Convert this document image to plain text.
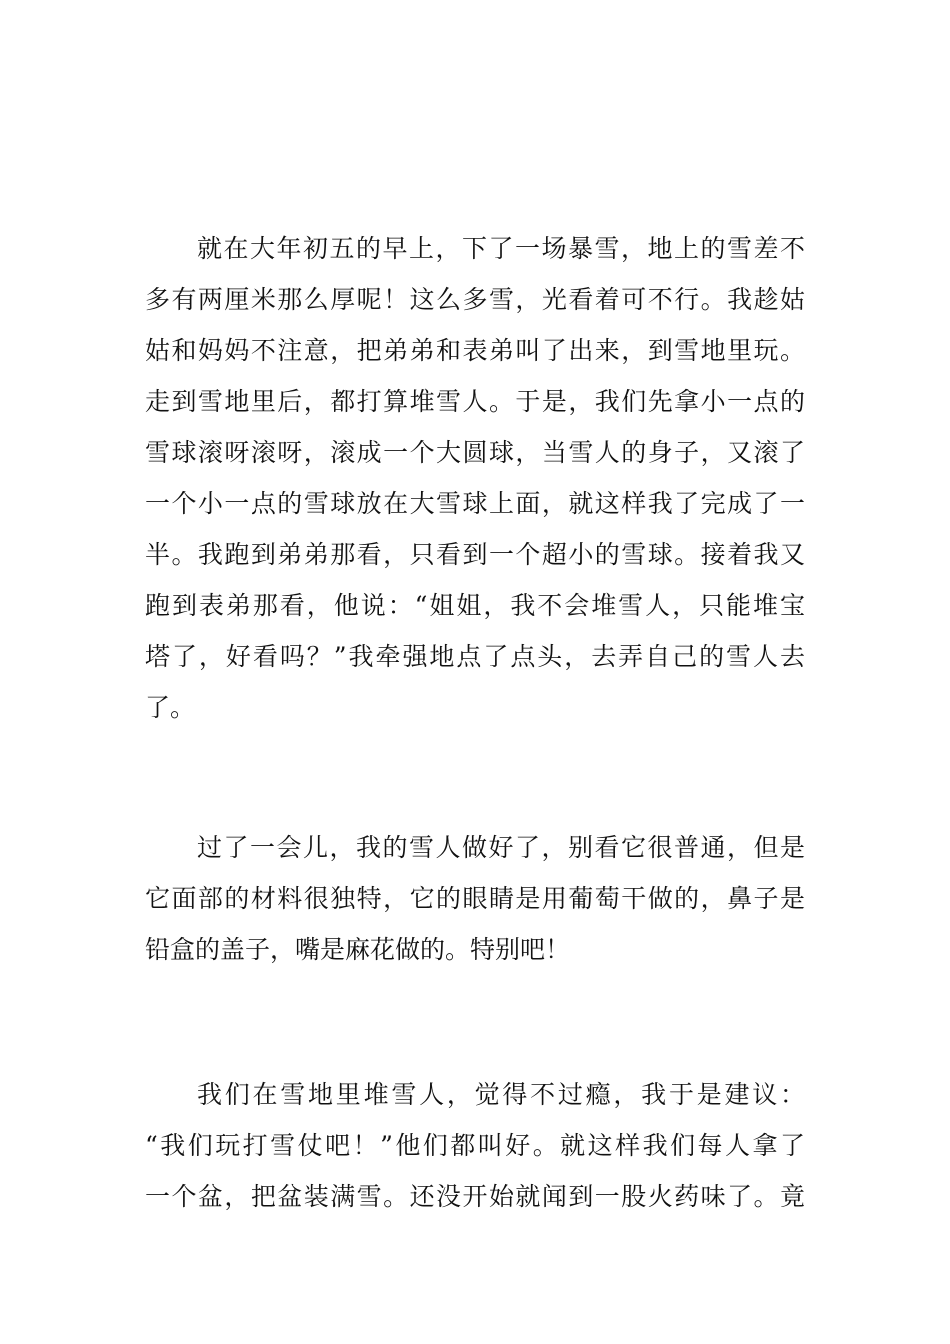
就在大年初五的早上，下了一场暴雪，地上的雪差不
多有两厘米那么厚呢！这么多雪，光看着可不行。我趁姑
姑和妈妈不注意，把弟弟和表弟叫了出来，到雪地里玩。
走到雪地里后，都打算堆雪人。于是，我们先拿小一点的
雪球滚呀滚呀，滚成一个大圆球，当雪人的身子，又滚了
一个小一点的雪球放在大雪球上面，就这样我了完成了一
半。我跑到弟弟那看，只看到一个超小的雪球。接着我又
跑到表弟那看，他说：“姐姐，我不会堆雪人，只能堆宝
塔了，好看吗？”我牵强地点了点头，去弄自己的雪人去
了。
过了一会儿，我的雪人做好了，别看它很普通，但是
它面部的材料很独特，它的眼睛是用葡萄干做的，鼻子是
铅盒的盖子，嘴是麻花做的。特别吧！
我们在雪地里堆雪人，觉得不过瘾，我于是建议：
“我们玩打雪仗吧！”他们都叫好。就这样我们每人拿了
一个盆，把盆装满雪。还没开始就闻到一股火药味了。竟
